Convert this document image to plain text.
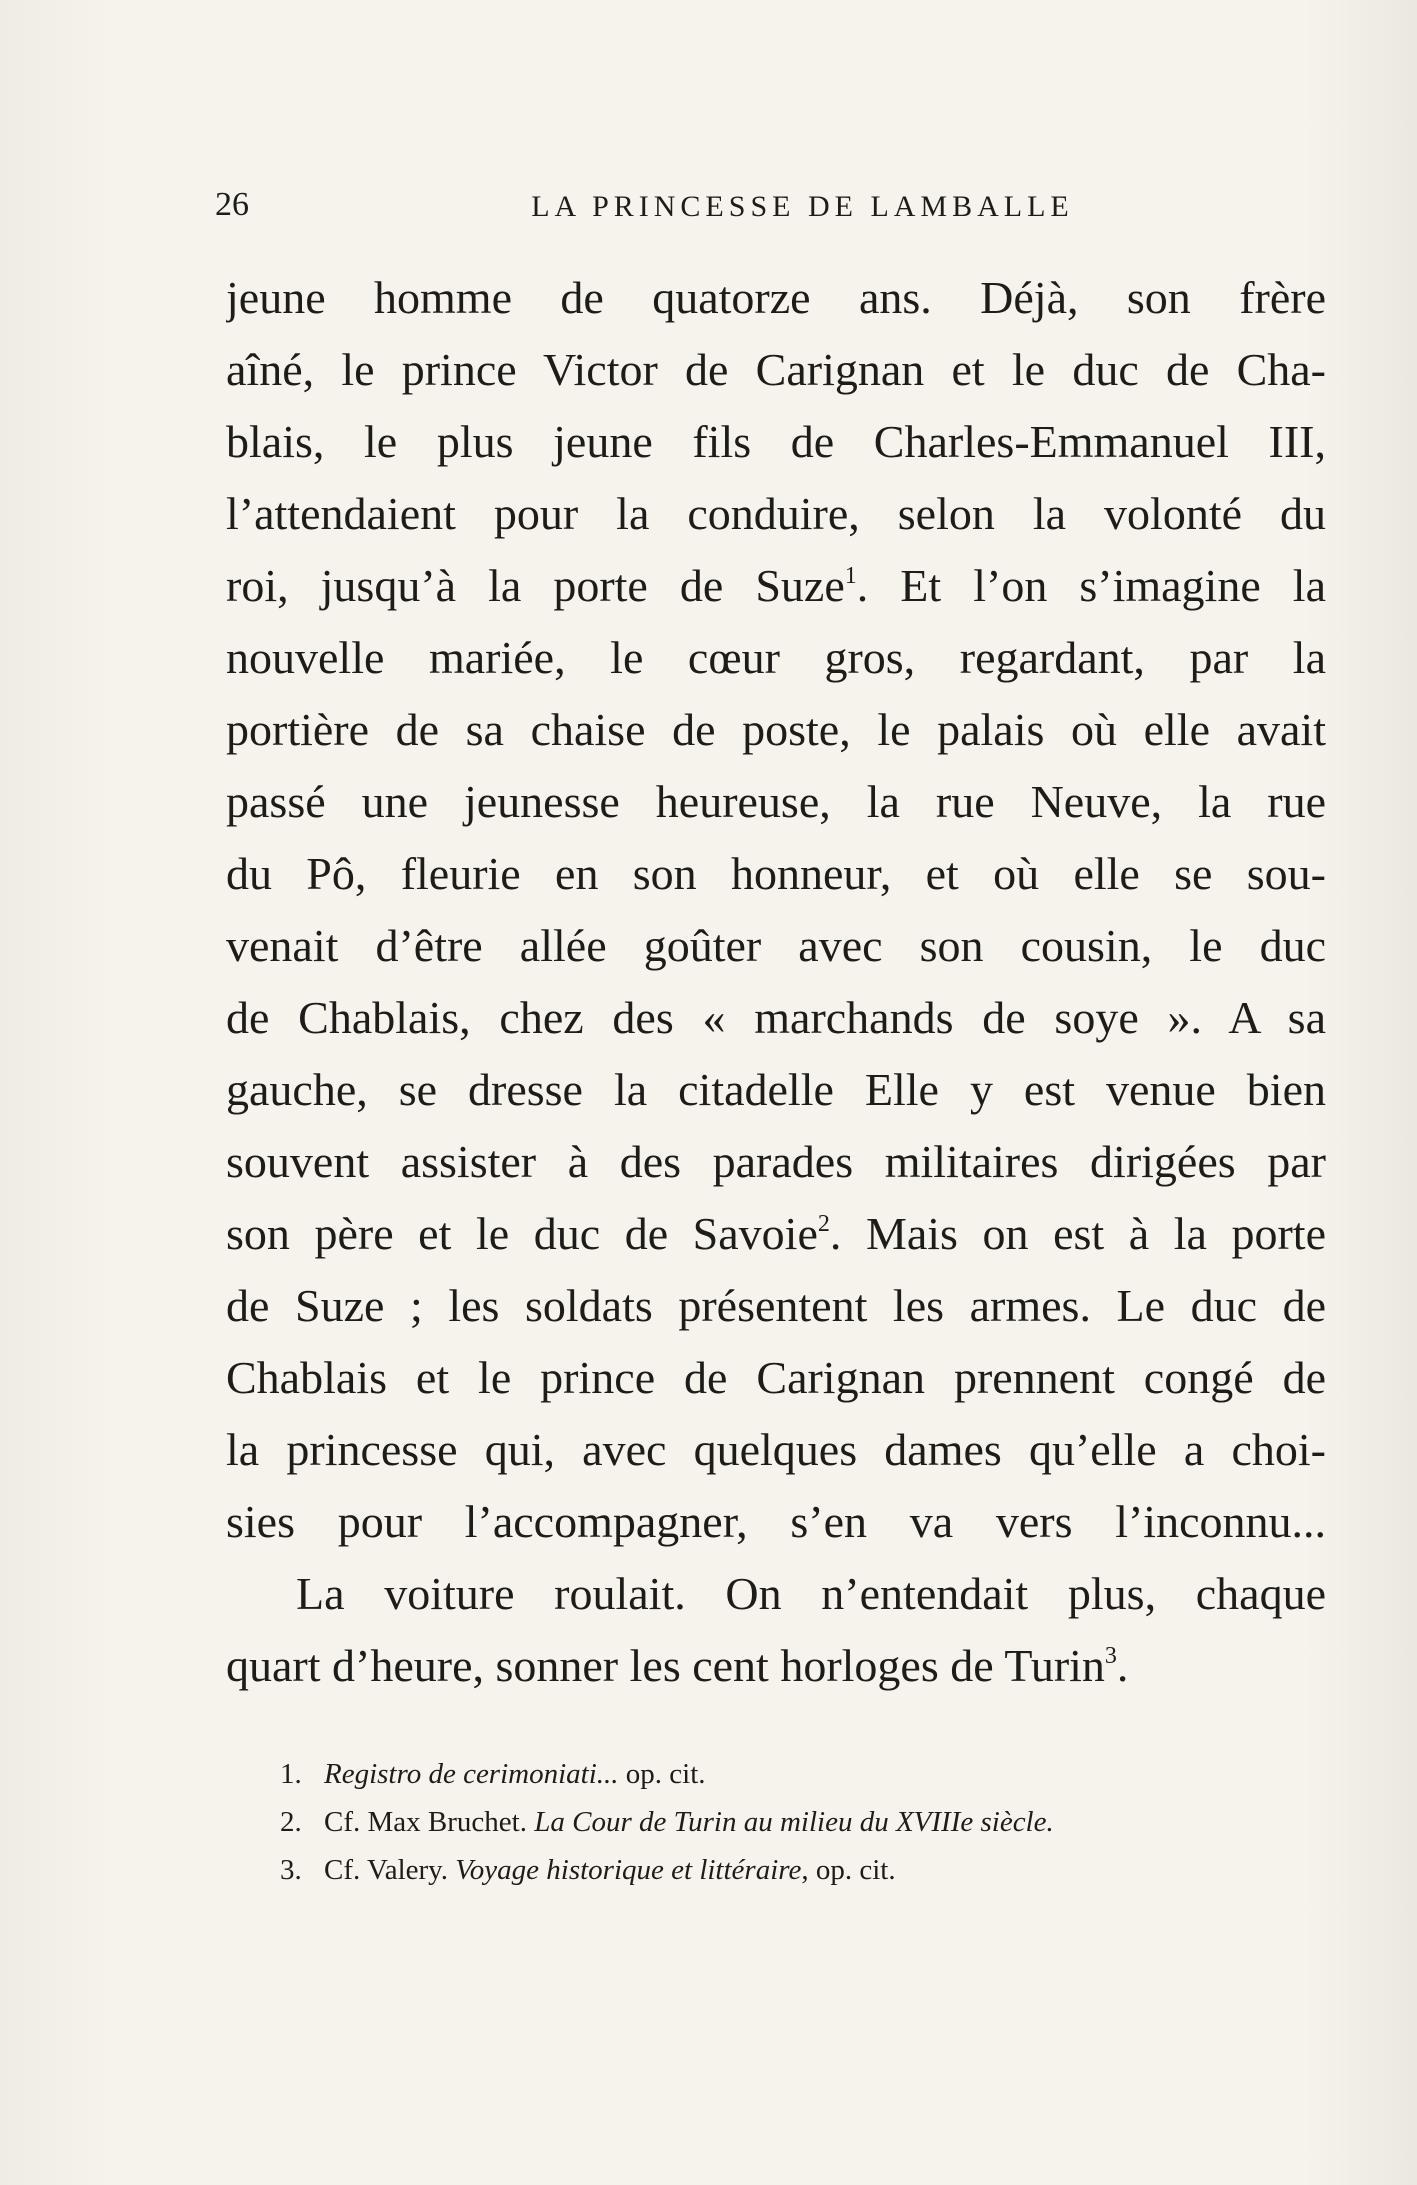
26	LA PRINCESSE DE LAMBALLE
jeune homme de quatorze ans. Déjà, son frère
aîné, le prince Victor de Carignan et le duc de Cha-
blais, le plus jeune fils de Charles-Emmanuel III,
l’attendaient pour la conduire, selon la volonté du
roi, jusqu’à la porte de Suze$^1$. Et l’on s’imagine la
nouvelle mariée, le cœur gros, regardant, par la
portière de sa chaise de poste, le palais où elle avait
passé une jeunesse heureuse, la rue Neuve, la rue
du Pô, fleurie en son honneur, et où elle se sou-
venait d’être allée goûter avec son cousin, le duc
de Chablais, chez des « marchands de soye ». A sa
gauche, se dresse la citadelle Elle y est venue bien
souvent assister à des parades militaires dirigées par
son père et le duc de Savoie$^2$. Mais on est à la porte
de Suze ; les soldats présentent les armes. Le duc de
Chablais et le prince de Carignan prennent congé de
la princesse qui, avec quelques dames qu’elle a choi-
sies pour l’accompagner, s’en va vers l’inconnu...
La voiture roulait. On n’entendait plus, chaque
quart d’heure, sonner les cent horloges de Turin$^3$.
1. Registro de cerimoniati... op. cit.
2. Cf. Max Bruchet. La Cour de Turin au milieu du XVIIIe siècle.
3. Cf. Valery. Voyage historique et littéraire, op. cit.
